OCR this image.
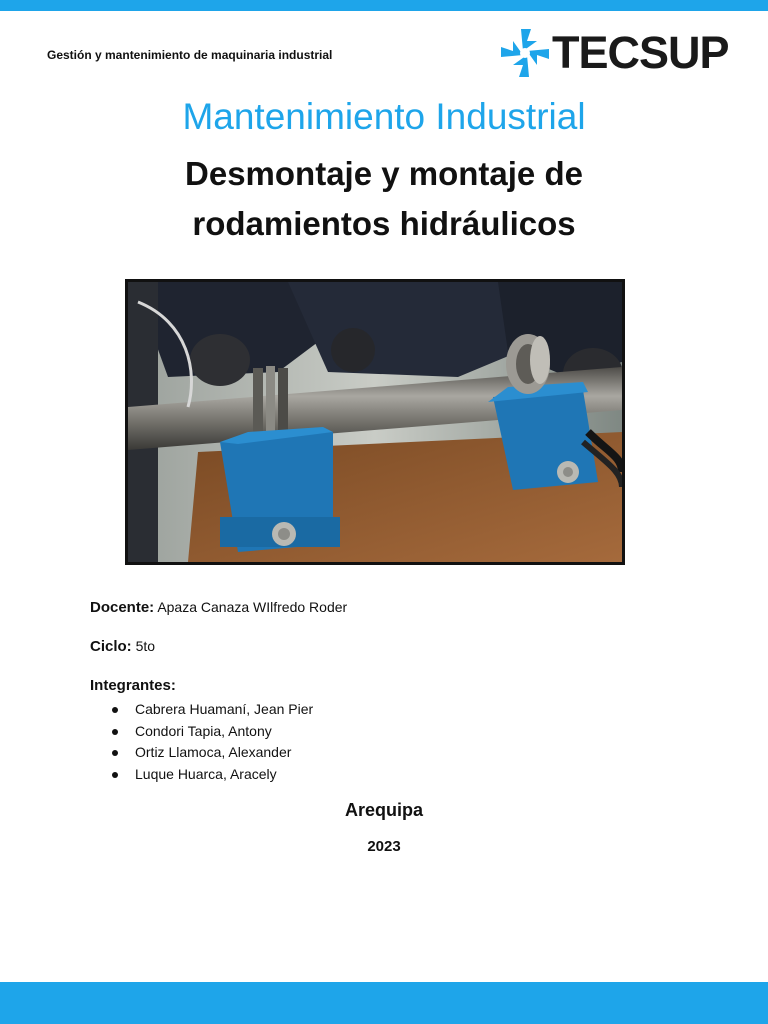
Gestión y mantenimiento de maquinaria industrial	TECSUP
Mantenimiento Industrial
Desmontaje y montaje de
rodamientos hidráulicos
Docente: Apaza Canaza WIlfredo Roder
Ciclo: 5to
Integrantes:
Cabrera Huamaní, Jean Pier
Condori Tapia, Antony
Ortiz Llamoca, Alexander
Luque Huarca, Aracely
Arequipa
2023
